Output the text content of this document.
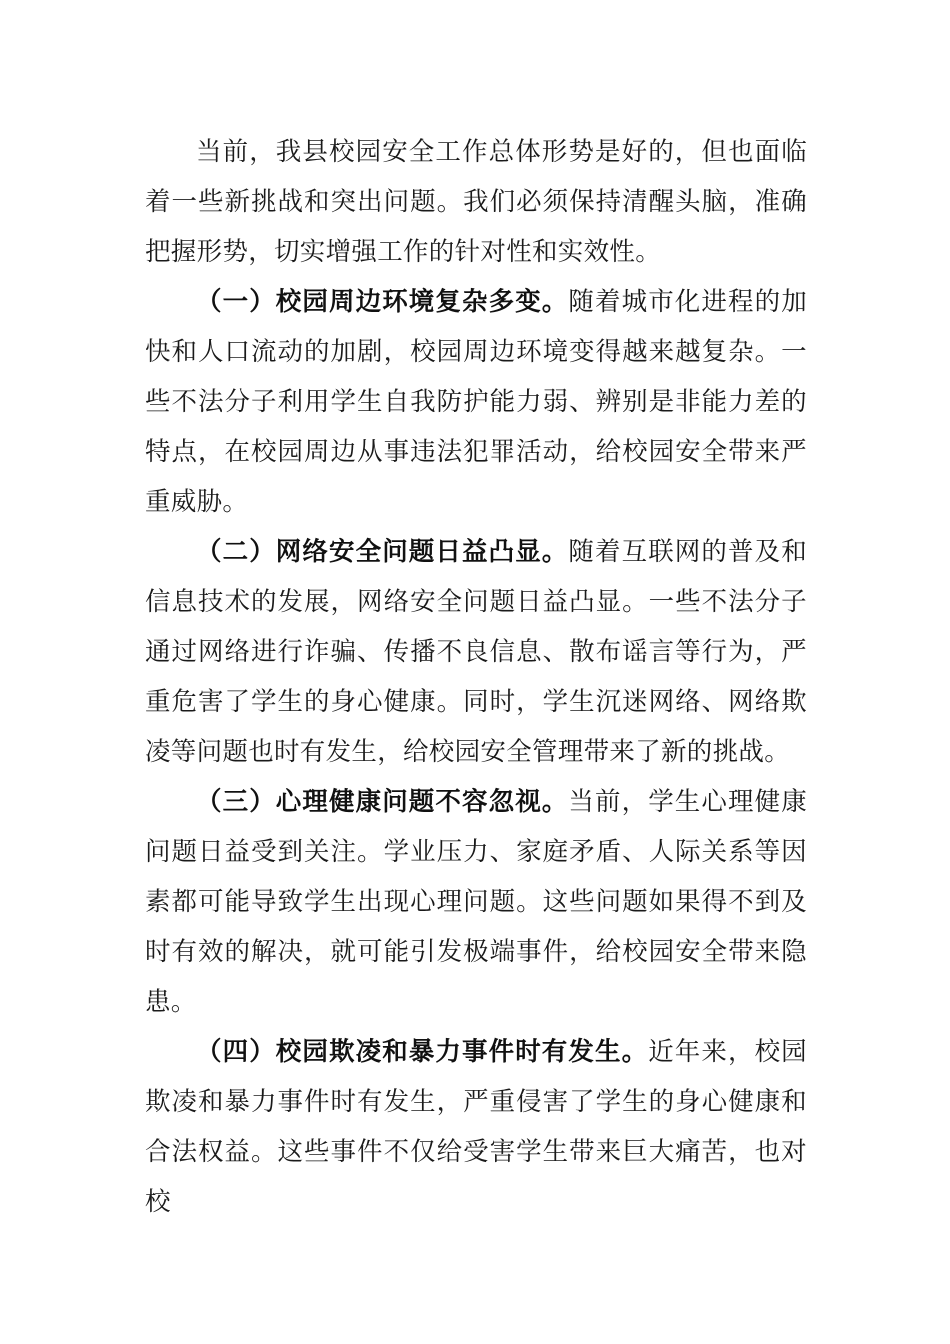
当前，我县校园安全工作总体形势是好的，但也面临着一些新挑战和突出问题。我们必须保持清醒头脑，准确把握形势，切实增强工作的针对性和实效性。

（一）校园周边环境复杂多变。随着城市化进程的加快和人口流动的加剧，校园周边环境变得越来越复杂。一些不法分子利用学生自我防护能力弱、辨别是非能力差的特点，在校园周边从事违法犯罪活动，给校园安全带来严重威胁。

（二）网络安全问题日益凸显。随着互联网的普及和信息技术的发展，网络安全问题日益凸显。一些不法分子通过网络进行诈骗、传播不良信息、散布谣言等行为，严重危害了学生的身心健康。同时，学生沉迷网络、网络欺凌等问题也时有发生，给校园安全管理带来了新的挑战。

（三）心理健康问题不容忽视。当前，学生心理健康问题日益受到关注。学业压力、家庭矛盾、人际关系等因素都可能导致学生出现心理问题。这些问题如果得不到及时有效的解决，就可能引发极端事件，给校园安全带来隐患。

（四）校园欺凌和暴力事件时有发生。近年来，校园欺凌和暴力事件时有发生，严重侵害了学生的身心健康和合法权益。这些事件不仅给受害学生带来巨大痛苦，也对校
